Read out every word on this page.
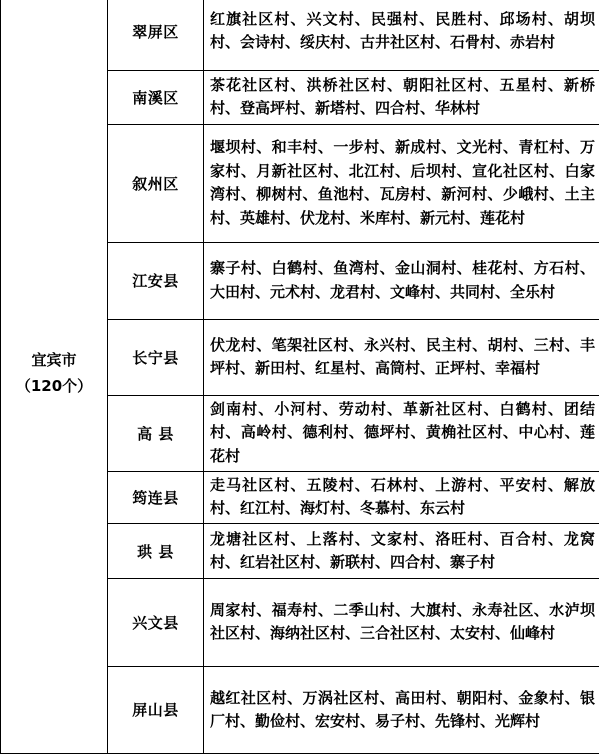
宜宾市
（120个）	翠屏区	红旗社区村、兴文村、民强村、民胜村、邱场村、胡坝村、会诗村、绥庆村、古井社区村、石骨村、赤岩村
	南溪区	茶花社区村、洪桥社区村、朝阳社区村、五星村、新桥村、登高坪村、新塔村、四合村、华林村
	叙州区	堰坝村、和丰村、一步村、新成村、文光村、青杠村、万家村、月新社区村、北江村、后坝村、宣化社区村、白家湾村、柳树村、鱼池村、瓦房村、新河村、少峨村、土主村、英雄村、伏龙村、米库村、新元村、莲花村
	江安县	寨子村、白鹤村、鱼湾村、金山洞村、桂花村、方石村、大田村、元术村、龙君村、文峰村、共同村、全乐村
	长宁县	伏龙村、笔架社区村、永兴村、民主村、胡村、三村、丰坪村、新田村、红星村、高筒村、正坪村、幸福村
	高 县	剑南村、小河村、劳动村、革新社区村、白鹤村、团结村、高岭村、德利村、德坪村、黄桷社区村、中心村、莲花村
	筠连县	走马社区村、五陵村、石林村、上游村、平安村、解放村、红江村、海灯村、冬慕村、东云村
	珙 县	龙塘社区村、上落村、文家村、洛旺村、百合村、龙窝村、红岩社区村、新联村、四合村、寨子村
	兴文县	周家村、福寿村、二季山村、大旗村、永寿社区、水泸坝社区村、海纳社区村、三合社区村、太安村、仙峰村
	屏山县	越红社区村、万涡社区村、高田村、朝阳村、金象村、银厂村、勤俭村、宏安村、易子村、先锋村、光辉村
